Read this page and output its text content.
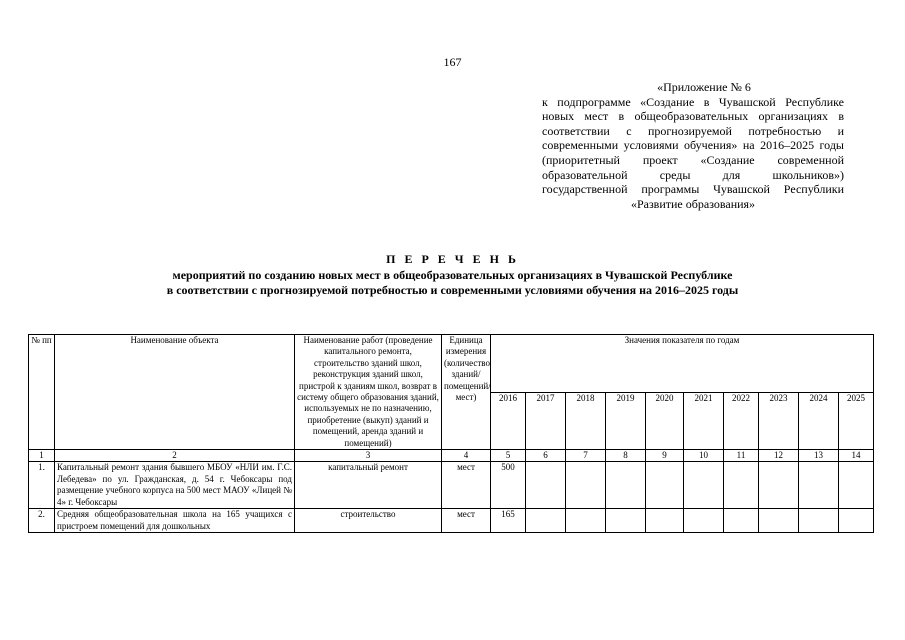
167
«Приложение № 6
к подпрограмме «Создание в Чувашской Республике новых мест в общеобразовательных организациях в соответствии с прогнозируемой потребностью и современными условиями обучения» на 2016–2025 годы (приоритетный проект «Создание современной образовательной среды для школьников») государственной программы Чувашской Республики «Развитие образования»
П Е Р Е Ч Е Н Ь
мероприятий по созданию новых мест в общеобразовательных организациях в Чувашской Республике
в соответствии с прогнозируемой потребностью и современными условиями обучения на 2016–2025 годы
№ пп	Наименование объекта	Наименование работ (проведение капитального ремонта, строительство зданий школ, реконструкция зданий школ, пристрой к зданиям школ, возврат в систему общего образования зданий, используемых не по назначению, приобретение (выкуп) зданий и помещений, аренда зданий и помещений)	Единица измерения (количество зданий/ помещений/ мест)	Значения показателя по годам									
				2016	2017	2018	2019	2020	2021	2022	2023	2024	2025
1	2	3	4	5	6	7	8	9	10	11	12	13	14
1.	Капитальный ремонт здания бывшего МБОУ «НЛИ им. Г.С. Лебедева» по ул. Гражданская, д. 54 г. Чебоксары под размещение учебного корпуса на 500 мест МАОУ «Лицей № 4» г. Чебоксары	капитальный ремонт	мест	500									
2.	Средняя общеобразовательная школа на 165 учащихся с пристроем помещений для дошкольных	строительство	мест	165									
